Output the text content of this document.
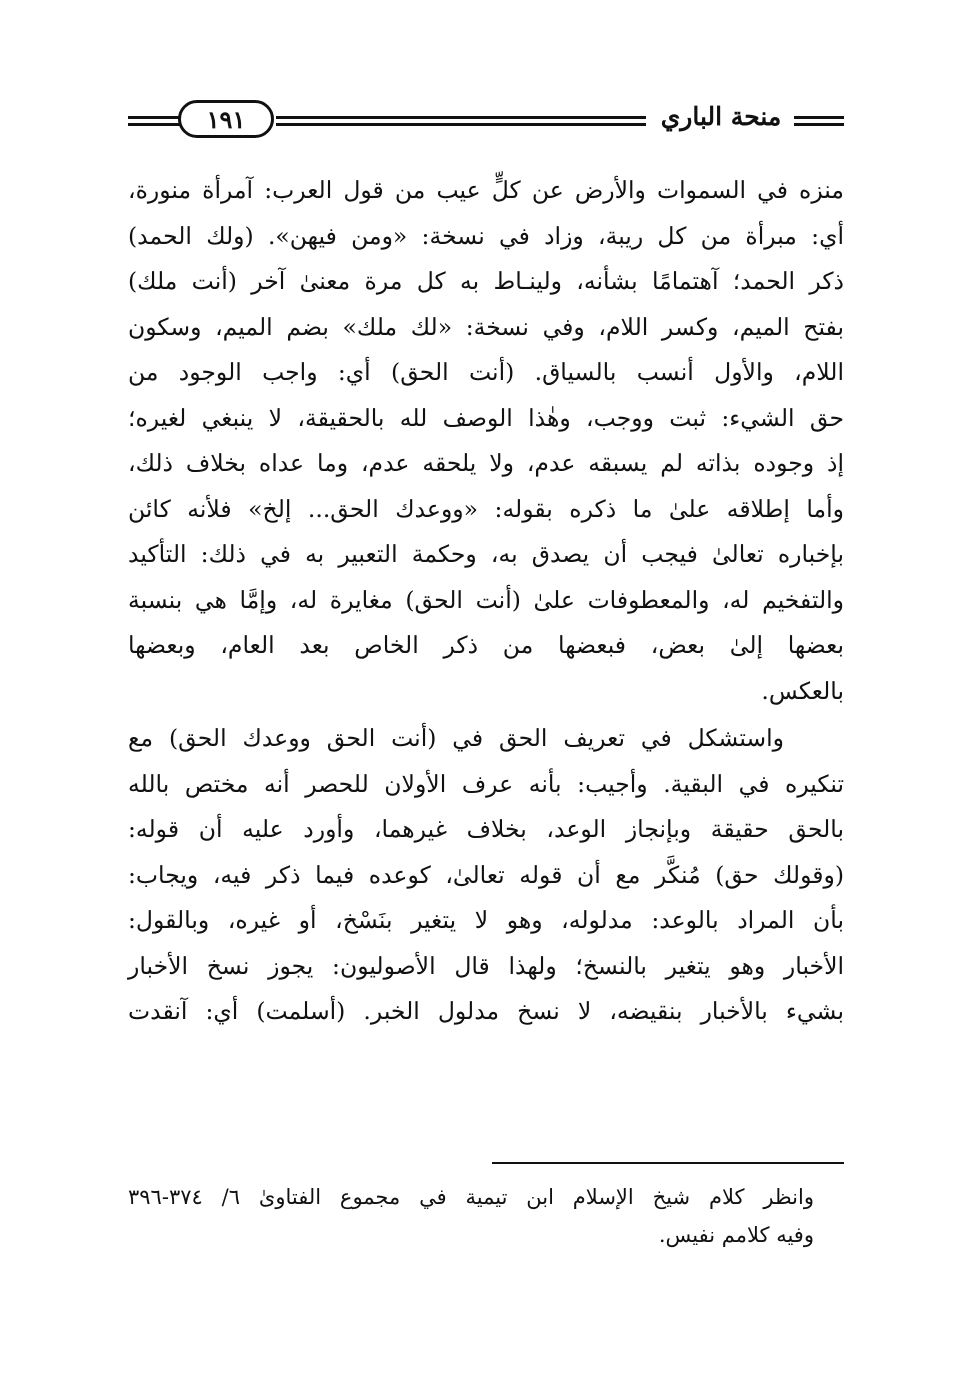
١٩١	منحة الباري

منزه في السموات والأرض عن كلٍّ عيب من قول العرب: آمرأة منورة،
أي: مبرأة من كل ريبة، وزاد في نسخة: «ومن فيهن». (ولك الحمد)
ذكر الحمد؛ آهتمامًا بشأنه، ولينـاط به كل مرة معنىٰ آخر (أنت ملك)
بفتح الميم، وكسر اللام، وفي نسخة: «لك ملك» بضم الميم، وسكون
اللام، والأول أنسب بالسياق. (أنت الحق) أي: واجب الوجود من
حق الشيء: ثبت ووجب، وهٰذا الوصف لله بالحقيقة، لا ينبغي لغيره؛
إذ وجوده بذاته لم يسبقه عدم، ولا يلحقه عدم، وما عداه بخلاف ذلك،
وأما إطلاقه علىٰ ما ذكره بقوله: «ووعدك الحق... إلخ» فلأنه كائن
بإخباره تعالىٰ فيجب أن يصدق به، وحكمة التعبير به في ذلك: التأكيد
والتفخيم له، والمعطوفات علىٰ (أنت الحق) مغايرة له، وإمَّا هي بنسبة
بعضها إلىٰ بعض، فبعضها من ذكر الخاص بعد العام، وبعضها
بالعكس.

واستشكل في تعريف الحق في (أنت الحق ووعدك الحق) مع
تنكيره في البقية. وأجيب: بأنه عرف الأولان للحصر أنه مختص بالله
بالحق حقيقة وبإنجاز الوعد، بخلاف غيرهما، وأورد عليه أن قوله:
(وقولك حق) مُنكَّر مع أن قوله تعالىٰ، كوعده فيما ذكر فيه، ويجاب:
بأن المراد بالوعد: مدلوله، وهو لا يتغير بنَسْخ، أو غيره، وبالقول:
الأخبار وهو يتغير بالنسخ؛ ولهذا قال الأصوليون: يجوز نسخ الأخبار
بشيء بالأخبار بنقيضه، لا نسخ مدلول الخبر. (أسلمت) أي: آنقدت

وانظر كلام شيخ الإسلام ابن تيمية في مجموع الفتاوىٰ ٦/ ٣٧٤-٣٩٦
وفيه كلامم نفيس.
